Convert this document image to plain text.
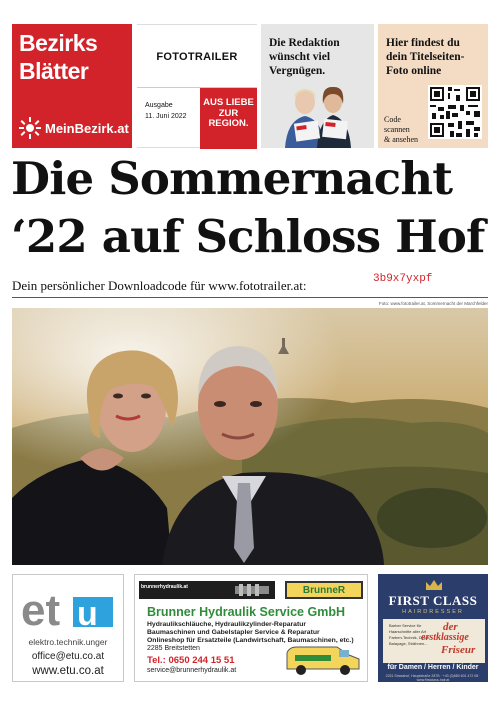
Bezirks
Blätter
MeinBezirk.at
FOTOTRAILER
Ausgabe
11. Juni 2022
AUS LIEBE
ZUR
REGION.
Die Redaktion
wünscht viel
Vergnügen.
Hier findest du
dein Titelseiten-
Foto online
Code
scannen
& ansehen
Die Sommernacht
‘22 auf Schloss Hof
Dein persönlicher Downloadcode für www.fototrailer.at:	3b9x7yxpf
Foto: www.fototrailer.at, Sommernacht der Marchfelder
et u
elektro.technik.unger
office@etu.co.at
www.etu.co.at
brunnerhydraulik.at	BrunneR
Brunner Hydraulik Service GmbH
Hydraulikschläuche, Hydraulikzylinder-Reparatur
Baumaschinen und Gabelstapler Service & Reparatur
Onlineshop für Ersatzteile (Landwirtschaft, Baumaschinen, etc.)
2285 Breitstetten
Tel.: 0650 244 15 51
service@brunnerhydraulik.at
FIRST CLASS
HAIRDRESSER
Barber Service für
Haarschnitte aller Art
Farben-Technik, Dekor,
Balayage, Strähnen...
der
erstklassige
Friseur
für Damen / Herren / Kinder
2231 Strasshof, Hauptstraße 287B · +43 (0)680 601 472 08 · www.firstclass-hair.at
